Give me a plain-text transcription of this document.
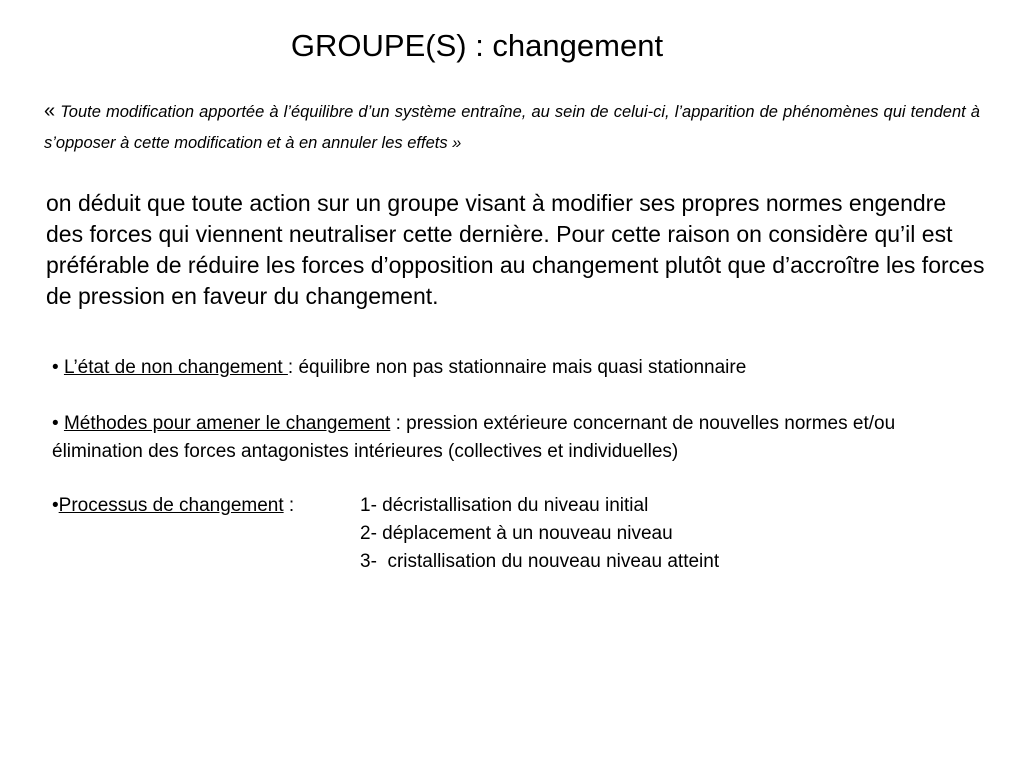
GROUPE(S) : changement
« Toute modification apportée à l’équilibre d’un système entraîne, au sein de celui-ci, l’apparition de phénomènes qui tendent à s’opposer à cette modification et à en annuler les effets »
on déduit que toute action sur un groupe visant à modifier ses propres normes engendre des forces qui viennent neutraliser cette dernière. Pour cette raison on considère qu’il est préférable de réduire les forces d’opposition au changement plutôt que d’accroître les forces de pression en faveur du changement.
• L’état de non changement : équilibre non pas stationnaire mais quasi stationnaire
• Méthodes pour amener le changement : pression extérieure concernant de nouvelles normes et/ou élimination des forces antagonistes intérieures (collectives et individuelles)
•Processus de changement :	1- décristallisation du niveau initial
2- déplacement à un nouveau niveau
3-  cristallisation du nouveau niveau atteint
